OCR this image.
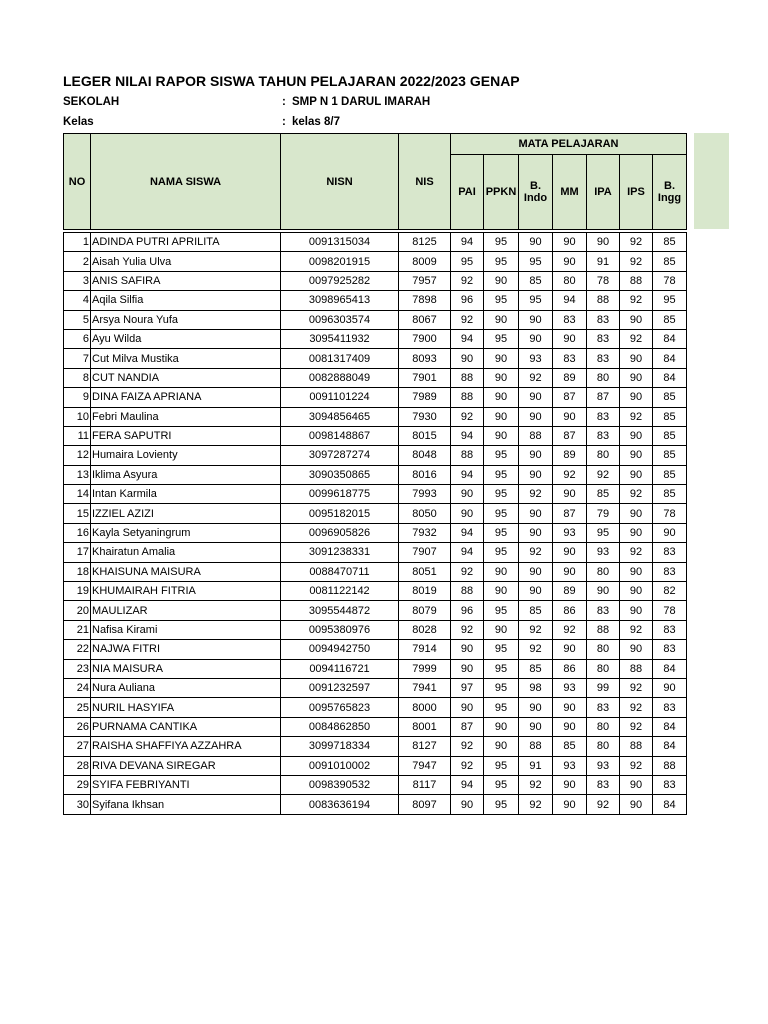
LEGER NILAI RAPOR SISWA TAHUN PELAJARAN 2022/2023 GENAP
SEKOLAH	: SMP N 1 DARUL IMARAH
Kelas	: kelas 8/7
NO	NAMA SISWA	NISN	NIS	MATA PELAJARAN						
				PAI	PPKN	B. Indo	MM	IPA	IPS	B. Ingg

1	ADINDA PUTRI APRILITA	0091315034	8125	94	95	90	90	90	92	85
2	Aisah Yulia Ulva	0098201915	8009	95	95	95	90	91	92	85
3	ANIS SAFIRA	0097925282	7957	92	90	85	80	78	88	78
4	Aqila Silfia	3098965413	7898	96	95	95	94	88	92	95
5	Arsya Noura Yufa	0096303574	8067	92	90	90	83	83	90	85
6	Ayu Wilda	3095411932	7900	94	95	90	90	83	92	84
7	Cut Milva Mustika	0081317409	8093	90	90	93	83	83	90	84
8	CUT NANDIA	0082888049	7901	88	90	92	89	80	90	84
9	DINA FAIZA APRIANA	0091101224	7989	88	90	90	87	87	90	85
10	Febri Maulina	3094856465	7930	92	90	90	90	83	92	85
11	FERA SAPUTRI	0098148867	8015	94	90	88	87	83	90	85
12	Humaira Lovienty	3097287274	8048	88	95	90	89	80	90	85
13	Iklima Asyura	3090350865	8016	94	95	90	92	92	90	85
14	Intan Karmila	0099618775	7993	90	95	92	90	85	92	85
15	IZZIEL AZIZI	0095182015	8050	90	95	90	87	79	90	78
16	Kayla Setyaningrum	0096905826	7932	94	95	90	93	95	90	90
17	Khairatun Amalia	3091238331	7907	94	95	92	90	93	92	83
18	KHAISUNA MAISURA	0088470711	8051	92	90	90	90	80	90	83
19	KHUMAIRAH FITRIA	0081122142	8019	88	90	90	89	90	90	82
20	MAULIZAR	3095544872	8079	96	95	85	86	83	90	78
21	Nafisa Kirami	0095380976	8028	92	90	92	92	88	92	83
22	NAJWA FITRI	0094942750	7914	90	95	92	90	80	90	83
23	NIA MAISURA	0094116721	7999	90	95	85	86	80	88	84
24	Nura Auliana	0091232597	7941	97	95	98	93	99	92	90
25	NURIL HASYIFA	0095765823	8000	90	95	90	90	83	92	83
26	PURNAMA CANTIKA	0084862850	8001	87	90	90	90	80	92	84
27	RAISHA SHAFFIYA AZZAHRA	3099718334	8127	92	90	88	85	80	88	84
28	RIVA DEVANA SIREGAR	0091010002	7947	92	95	91	93	93	92	88
29	SYIFA FEBRIYANTI	0098390532	8117	94	95	92	90	83	90	83
30	Syifana Ikhsan	0083636194	8097	90	95	92	90	92	90	84
